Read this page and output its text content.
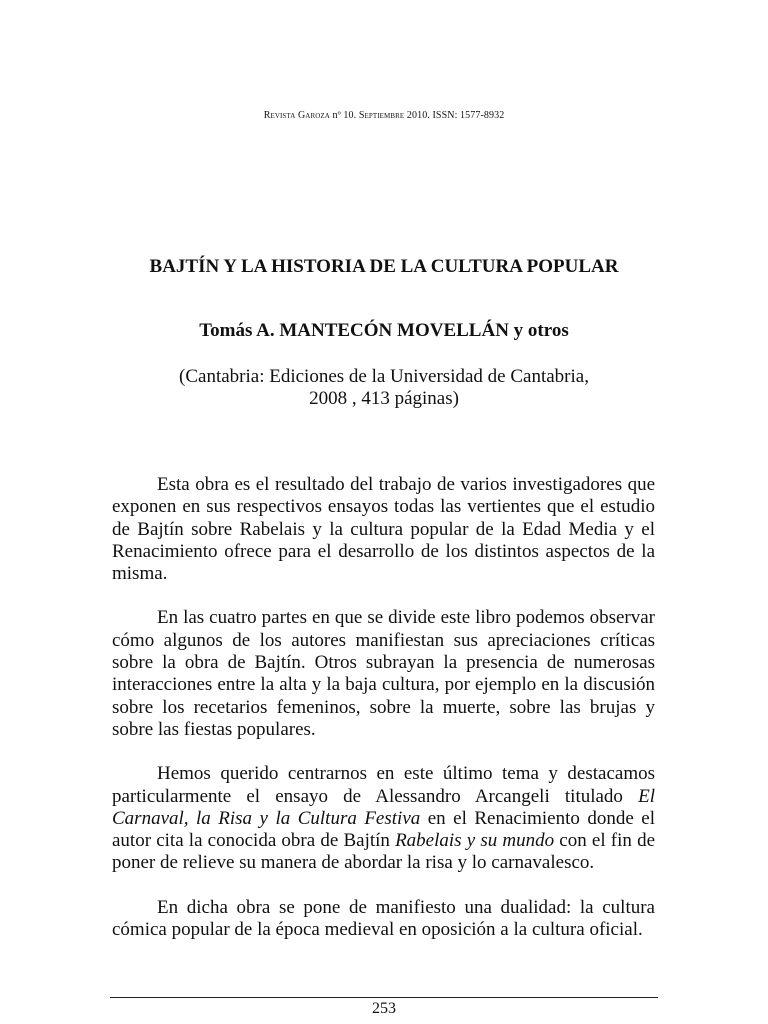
Revista Garoza nº 10. Septiembre 2010. ISSN: 1577-8932
BAJTÍN Y LA HISTORIA DE LA CULTURA POPULAR
Tomás A. MANTECÓN MOVELLÁN y otros
(Cantabria: Ediciones de la Universidad de Cantabria,
2008 , 413 páginas)

Esta obra es el resultado del trabajo de varios investigadores que exponen en sus respectivos ensayos todas las vertientes que el estudio de Bajtín sobre Rabelais y la cultura popular de la Edad Media y el Renacimiento ofrece para el desarrollo de los distintos aspectos de la misma.

En las cuatro partes en que se divide este libro podemos observar cómo algunos de los autores manifiestan sus apreciaciones críticas sobre la obra de Bajtín. Otros subrayan la presencia de numerosas interacciones entre la alta y la baja cultura, por ejemplo en la discusión sobre los recetarios femeninos, sobre la muerte, sobre las brujas y sobre las fiestas populares.

Hemos querido centrarnos en este último tema y destacamos particularmente el ensayo de Alessandro Arcangeli titulado El Carnaval, la Risa y la Cultura Festiva en el Renacimiento donde el autor cita la conocida obra de Bajtín Rabelais y su mundo con el fin de poner de relieve su manera de abordar la risa y lo carnavalesco.

En dicha obra se pone de manifiesto una dualidad: la cultura cómica popular de la época medieval en oposición a la cultura oficial.

253
